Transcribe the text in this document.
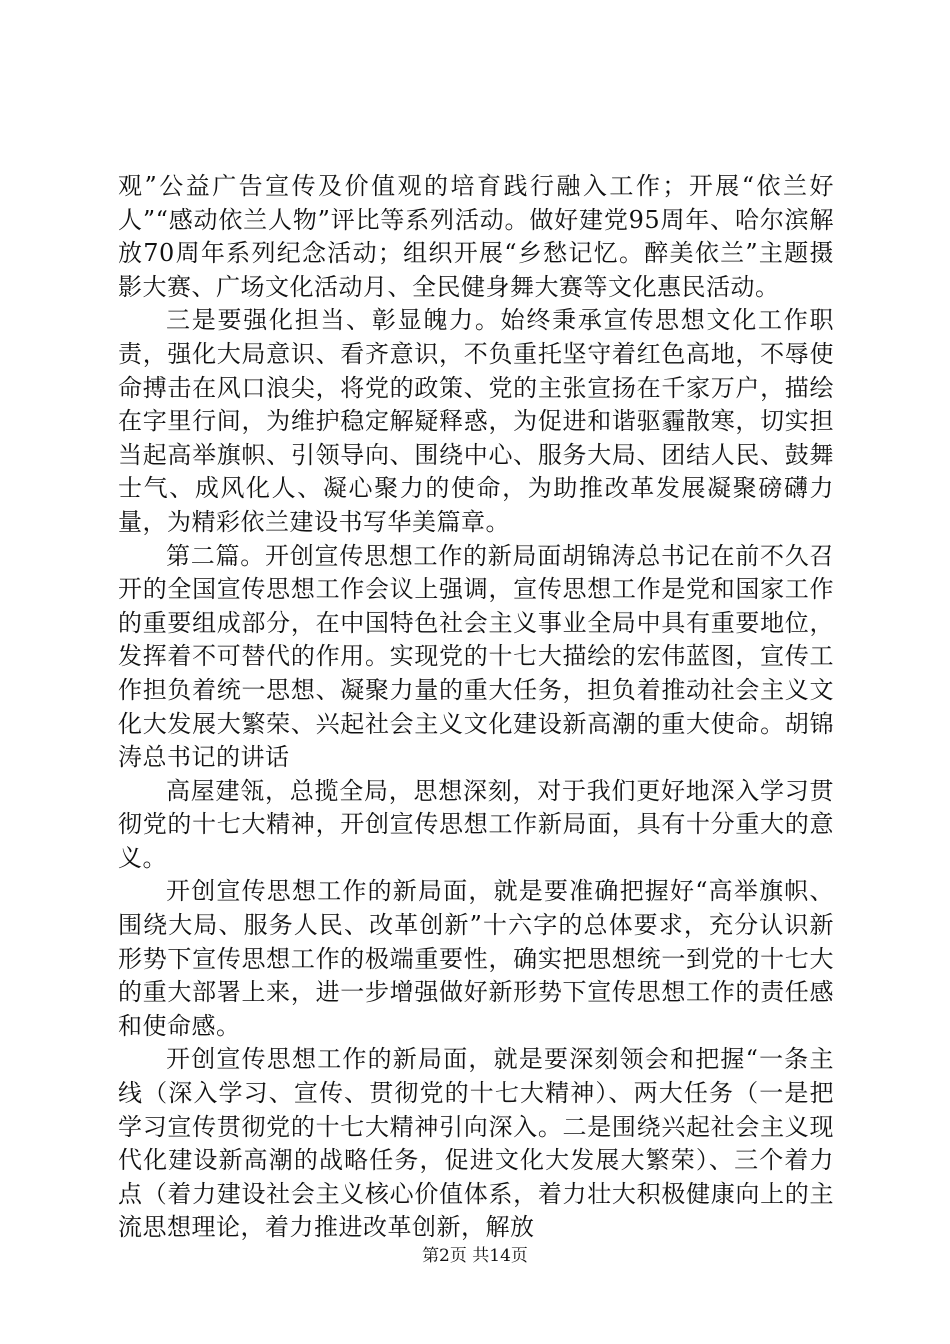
观”公益广告宣传及价值观的培育践行融入工作；开展“依兰好人”“感动依兰人物”评比等系列活动。做好建党95周年、哈尔滨解放70周年系列纪念活动；组织开展“乡愁记忆。醉美依兰”主题摄影大赛、广场文化活动月、全民健身舞大赛等文化惠民活动。

三是要强化担当、彰显魄力。始终秉承宣传思想文化工作职责，强化大局意识、看齐意识，不负重托坚守着红色高地，不辱使命搏击在风口浪尖，将党的政策、党的主张宣扬在千家万户，描绘在字里行间，为维护稳定解疑释惑，为促进和谐驱霾散寒，切实担当起高举旗帜、引领导向、围绕中心、服务大局、团结人民、鼓舞士气、成风化人、凝心聚力的使命，为助推改革发展凝聚磅礴力量，为精彩依兰建设书写华美篇章。

第二篇。开创宣传思想工作的新局面胡锦涛总书记在前不久召开的全国宣传思想工作会议上强调，宣传思想工作是党和国家工作的重要组成部分，在中国特色社会主义事业全局中具有重要地位，发挥着不可替代的作用。实现党的十七大描绘的宏伟蓝图，宣传工作担负着统一思想、凝聚力量的重大任务，担负着推动社会主义文化大发展大繁荣、兴起社会主义文化建设新高潮的重大使命。胡锦涛总书记的讲话

高屋建瓴，总揽全局，思想深刻，对于我们更好地深入学习贯彻党的十七大精神，开创宣传思想工作新局面，具有十分重大的意义。

开创宣传思想工作的新局面，就是要准确把握好“高举旗帜、围绕大局、服务人民、改革创新”十六字的总体要求，充分认识新形势下宣传思想工作的极端重要性，确实把思想统一到党的十七大的重大部署上来，进一步增强做好新形势下宣传思想工作的责任感和使命感。

开创宣传思想工作的新局面，就是要深刻领会和把握“一条主线（深入学习、宣传、贯彻党的十七大精神）、两大任务（一是把学习宣传贯彻党的十七大精神引向深入。二是围绕兴起社会主义现代化建设新高潮的战略任务，促进文化大发展大繁荣）、三个着力点（着力建设社会主义核心价值体系，着力壮大积极健康向上的主流思想理论，着力推进改革创新，解放

第2页 共14页
